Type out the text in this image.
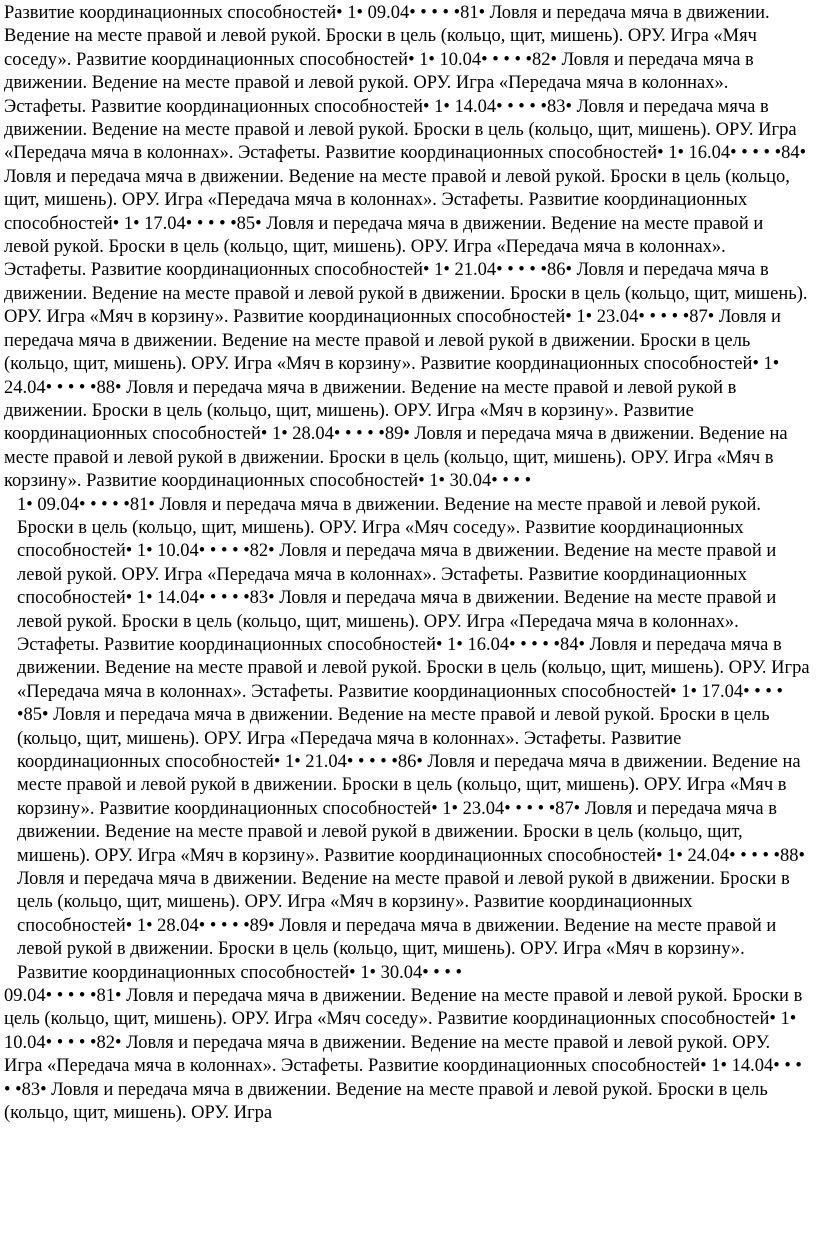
Развитие координационных способностей• 1• 09.04• • • • •81• Ловля и передача мяча в движении. Ведение на месте правой и левой рукой. Броски в цель (кольцо, щит, мишень). ОРУ. Игра «Мяч соседу». Развитие координационных способностей• 1• 10.04• • • • •82• Ловля и передача мяча в движении. Ведение на месте правой и левой рукой. ОРУ. Игра «Передача мяча в колоннах». Эстафеты. Развитие координационных способностей• 1• 14.04• • • • •83• Ловля и передача мяча в движении. Ведение на месте правой и левой рукой. Броски в цель (кольцо, щит, мишень). ОРУ. Игра «Передача мяча в колоннах». Эстафеты. Развитие координационных способностей• 1• 16.04• • • • •84• Ловля и передача мяча в движении. Ведение на месте правой и левой рукой. Броски в цель (кольцо, щит, мишень). ОРУ. Игра «Передача мяча в колоннах». Эстафеты. Развитие координационных способностей• 1• 17.04• • • • •85• Ловля и передача мяча в движении. Ведение на месте правой и левой рукой. Броски в цель (кольцо, щит, мишень). ОРУ. Игра «Передача мяча в колоннах». Эстафеты. Развитие координационных способностей• 1• 21.04• • • • •86• Ловля и передача мяча в движении. Ведение на месте правой и левой рукой в движении. Броски в цель (кольцо, щит, мишень). ОРУ. Игра «Мяч в корзину». Развитие координационных способностей• 1• 23.04• • • • •87• Ловля и передача мяча в движении. Ведение на месте правой и левой рукой в движении. Броски в цель (кольцо, щит, мишень). ОРУ. Игра «Мяч в корзину». Развитие координационных способностей• 1• 24.04• • • • •88• Ловля и передача мяча в движении. Ведение на месте правой и левой рукой в движении. Броски в цель (кольцо, щит, мишень). ОРУ. Игра «Мяч в корзину». Развитие координационных способностей• 1• 28.04• • • • •89• Ловля и передача мяча в движении. Ведение на месте правой и левой рукой в движении. Броски в цель (кольцо, щит, мишень). ОРУ. Игра «Мяч в корзину». Развитие координационных способностей• 1• 30.04• • • •

1• 09.04• • • • •81• Ловля и передача мяча в движении. Ведение на месте правой и левой рукой. Броски в цель (кольцо, щит, мишень). ОРУ. Игра «Мяч соседу». Развитие координационных способностей• 1• 10.04• • • • •82• Ловля и передача мяча в движении. Ведение на месте правой и левой рукой. ОРУ. Игра «Передача мяча в колоннах». Эстафеты. Развитие координационных способностей• 1• 14.04• • • • •83• Ловля и передача мяча в движении. Ведение на месте правой и левой рукой. Броски в цель (кольцо, щит, мишень). ОРУ. Игра «Передача мяча в колоннах». Эстафеты. Развитие координационных способностей• 1• 16.04• • • • •84• Ловля и передача мяча в движении. Ведение на месте правой и левой рукой. Броски в цель (кольцо, щит, мишень). ОРУ. Игра «Передача мяча в колоннах». Эстафеты. Развитие координационных способностей• 1• 17.04• • • • •85• Ловля и передача мяча в движении. Ведение на месте правой и левой рукой. Броски в цель (кольцо, щит, мишень). ОРУ. Игра «Передача мяча в колоннах». Эстафеты. Развитие координационных способностей• 1• 21.04• • • • •86• Ловля и передача мяча в движении. Ведение на месте правой и левой рукой в движении. Броски в цель (кольцо, щит, мишень). ОРУ. Игра «Мяч в корзину». Развитие координационных способностей• 1• 23.04• • • • •87• Ловля и передача мяча в движении. Ведение на месте правой и левой рукой в движении. Броски в цель (кольцо, щит, мишень). ОРУ. Игра «Мяч в корзину». Развитие координационных способностей• 1• 24.04• • • • •88• Ловля и передача мяча в движении. Ведение на месте правой и левой рукой в движении. Броски в цель (кольцо, щит, мишень). ОРУ. Игра «Мяч в корзину». Развитие координационных способностей• 1• 28.04• • • • •89• Ловля и передача мяча в движении. Ведение на месте правой и левой рукой в движении. Броски в цель (кольцо, щит, мишень). ОРУ. Игра «Мяч в корзину». Развитие координационных способностей• 1• 30.04• • • •

09.04• • • • •81• Ловля и передача мяча в движении. Ведение на месте правой и левой рукой. Броски в цель (кольцо, щит, мишень). ОРУ. Игра «Мяч соседу». Развитие координационных способностей• 1• 10.04• • • • •82• Ловля и передача мяча в движении. Ведение на месте правой и левой рукой. ОРУ. Игра «Передача мяча в колоннах». Эстафеты. Развитие координационных способностей• 1• 14.04• • • • •83• Ловля и передача мяча в движении. Ведение на месте правой и левой рукой. Броски в цель (кольцо, щит, мишень). ОРУ. Игра
